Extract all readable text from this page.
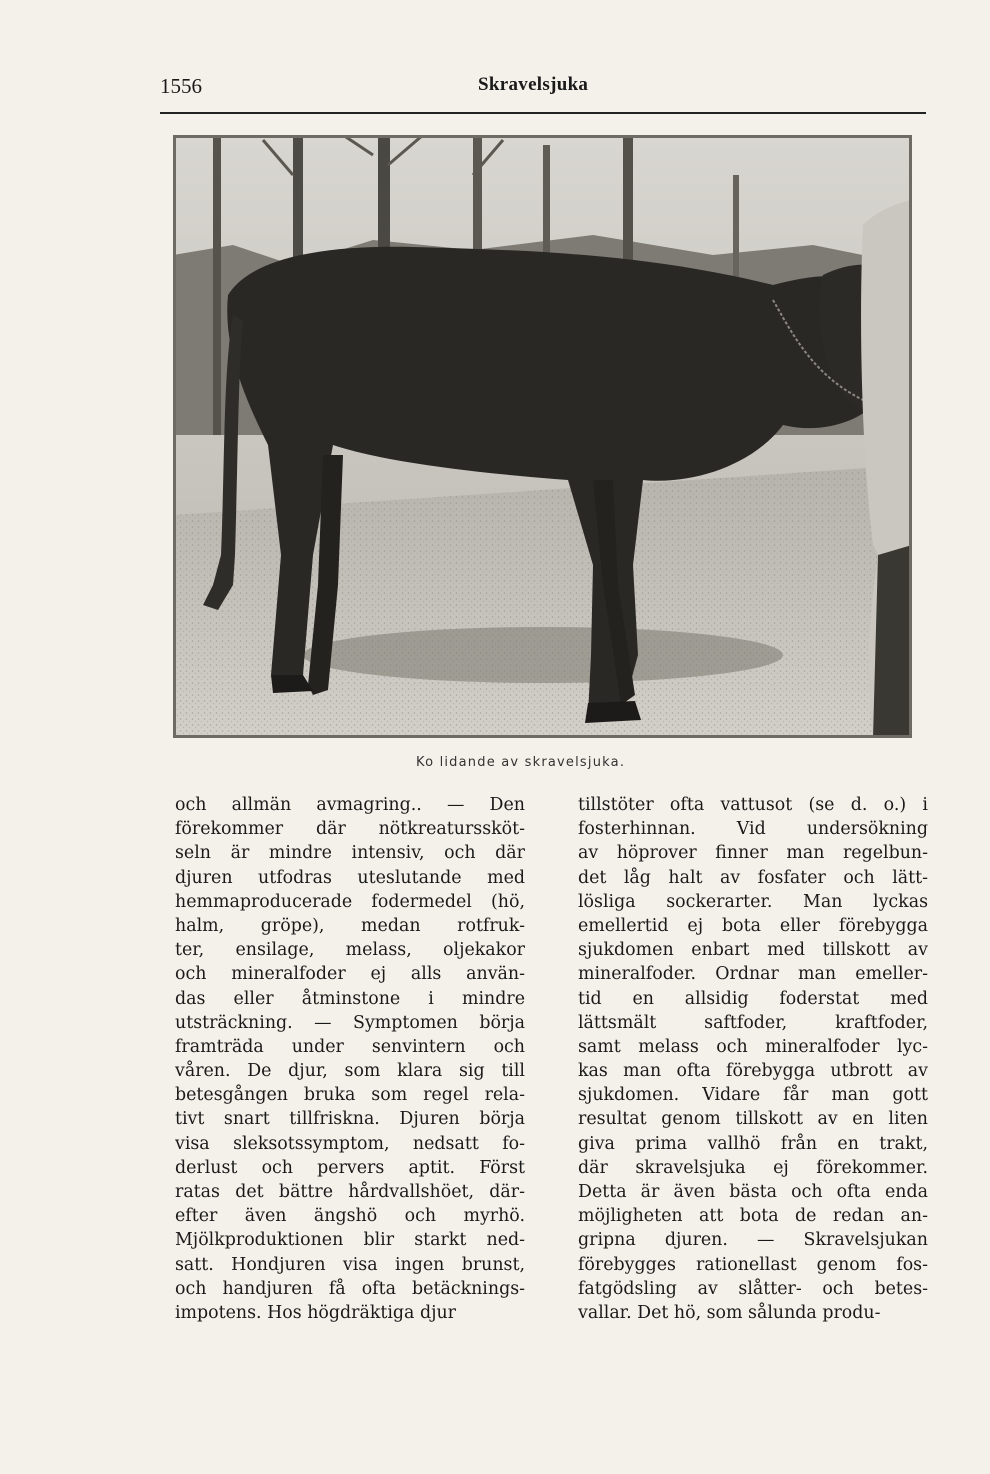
1556	Skravelsjuka
Ko lidande av skravelsjuka.
och allmän avmagring.. — Den
förekommer där nötkreaturssköt-
seln är mindre intensiv, och där
djuren utfodras uteslutande med
hemmaproducerade fodermedel (hö,
halm, gröpe), medan rotfruk-
ter, ensilage, melass, oljekakor
och mineralfoder ej alls använ-
das eller åtminstone i mindre
utsträckning. — Symptomen börja
framträda under senvintern och
våren. De djur, som klara sig till
betesgången bruka som regel rela-
tivt snart tillfriskna. Djuren börja
visa sleksotssymptom, nedsatt fo-
derlust och pervers aptit. Först
ratas det bättre hårdvallshöet, där-
efter även ängshö och myrhö.
Mjölkproduktionen blir starkt ned-
satt. Hondjuren visa ingen brunst,
och handjuren få ofta betäcknings-
impotens. Hos högdräktiga djur
tillstöter ofta vattusot (se d. o.) i
fosterhinnan. Vid undersökning
av höprover finner man regelbun-
det låg halt av fosfater och lätt-
lösliga sockerarter. Man lyckas
emellertid ej bota eller förebygga
sjukdomen enbart med tillskott av
mineralfoder. Ordnar man emeller-
tid en allsidig foderstat med
lättsmält saftfoder, kraftfoder,
samt melass och mineralfoder lyc-
kas man ofta förebygga utbrott av
sjukdomen. Vidare får man gott
resultat genom tillskott av en liten
giva prima vallhö från en trakt,
där skravelsjuka ej förekommer.
Detta är även bästa och ofta enda
möjligheten att bota de redan an-
gripna djuren. — Skravelsjukan
förebygges rationellast genom fos-
fatgödsling av slåtter- och betes-
vallar. Det hö, som sålunda produ-
